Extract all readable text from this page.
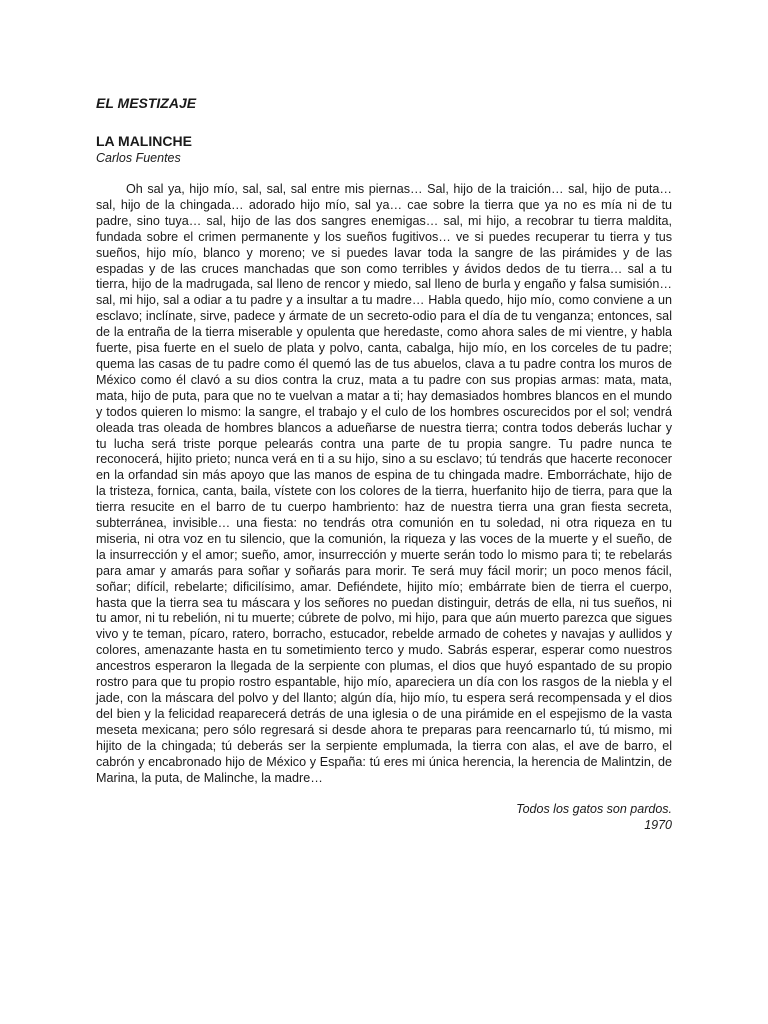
EL MESTIZAJE
LA MALINCHE

Carlos Fuentes

Oh sal ya, hijo mío, sal, sal, sal entre mis piernas… Sal, hijo de la traición… sal, hijo de puta… sal, hijo de la chingada… adorado hijo mío, sal ya… cae sobre la tierra que ya no es mía ni de tu padre, sino tuya… sal, hijo de las dos sangres enemigas… sal, mi hijo, a recobrar tu tierra maldita, fundada sobre el crimen permanente y los sueños fugitivos… ve si puedes recuperar tu tierra y tus sueños, hijo mío, blanco y moreno; ve si puedes lavar toda la sangre de las pirámides y de las espadas y de las cruces manchadas que son como terribles y ávidos dedos de tu tierra… sal a tu tierra, hijo de la madrugada, sal lleno de rencor y miedo, sal lleno de burla y engaño y falsa sumisión… sal, mi hijo, sal a odiar a tu padre y a insultar a tu madre… Habla quedo, hijo mío, como conviene a un esclavo; inclínate, sirve, padece y ármate de un secreto-odio para el día de tu venganza; entonces, sal de la entraña de la tierra miserable y opulenta que heredaste, como ahora sales de mi vientre, y habla fuerte, pisa fuerte en el suelo de plata y polvo, canta, cabalga, hijo mío, en los corceles de tu padre; quema las casas de tu padre como él quemó las de tus abuelos, clava a tu padre contra los muros de México como él clavó a su dios contra la cruz, mata a tu padre con sus propias armas: mata, mata, mata, hijo de puta, para que no te vuelvan a matar a ti; hay demasiados hombres blancos en el mundo y todos quieren lo mismo: la sangre, el trabajo y el culo de los hombres oscurecidos por el sol; vendrá oleada tras oleada de hombres blancos a adueñarse de nuestra tierra; contra todos deberás luchar y tu lucha será triste porque pelearás contra una parte de tu propia sangre. Tu padre nunca te reconocerá, hijito prieto; nunca verá en ti a su hijo, sino a su esclavo; tú tendrás que hacerte reconocer en la orfandad sin más apoyo que las manos de espina de tu chingada madre. Emborráchate, hijo de la tristeza, fornica, canta, baila, vístete con los colores de la tierra, huerfanito hijo de tierra, para que la tierra resucite en el barro de tu cuerpo hambriento: haz de nuestra tierra una gran fiesta secreta, subterránea, invisible… una fiesta: no tendrás otra comunión en tu soledad, ni otra riqueza en tu miseria, ni otra voz en tu silencio, que la comunión, la riqueza y las voces de la muerte y el sueño, de la insurrección y el amor; sueño, amor, insurrección y muerte serán todo lo mismo para ti; te rebelarás para amar y amarás para soñar y soñarás para morir. Te será muy fácil morir; un poco menos fácil, soñar; difícil, rebelarte; dificilísimo, amar. Defiéndete, hijito mío; embárrate bien de tierra el cuerpo, hasta que la tierra sea tu máscara y los señores no puedan distinguir, detrás de ella, ni tus sueños, ni tu amor, ni tu rebelión, ni tu muerte; cúbrete de polvo, mi hijo, para que aún muerto parezca que sigues vivo y te teman, pícaro, ratero, borracho, estucador, rebelde armado de cohetes y navajas y aullidos y colores, amenazante hasta en tu sometimiento terco y mudo. Sabrás esperar, esperar como nuestros ancestros esperaron la llegada de la serpiente con plumas, el dios que huyó espantado de su propio rostro para que tu propio rostro espantable, hijo mío, apareciera un día con los rasgos de la niebla y el jade, con la máscara del polvo y del llanto; algún día, hijo mío, tu espera será recompensada y el dios del bien y la felicidad reaparecerá detrás de una iglesia o de una pirámide en el espejismo de la vasta meseta mexicana; pero sólo regresará si desde ahora te preparas para reencarnarlo tú, tú mismo, mi hijito de la chingada; tú deberás ser la serpiente emplumada, la tierra con alas, el ave de barro, el cabrón y encabronado hijo de México y España: tú eres mi única herencia, la herencia de Malintzin, de Marina, la puta, de Malinche, la madre…

Todos los gatos son pardos.

1970
